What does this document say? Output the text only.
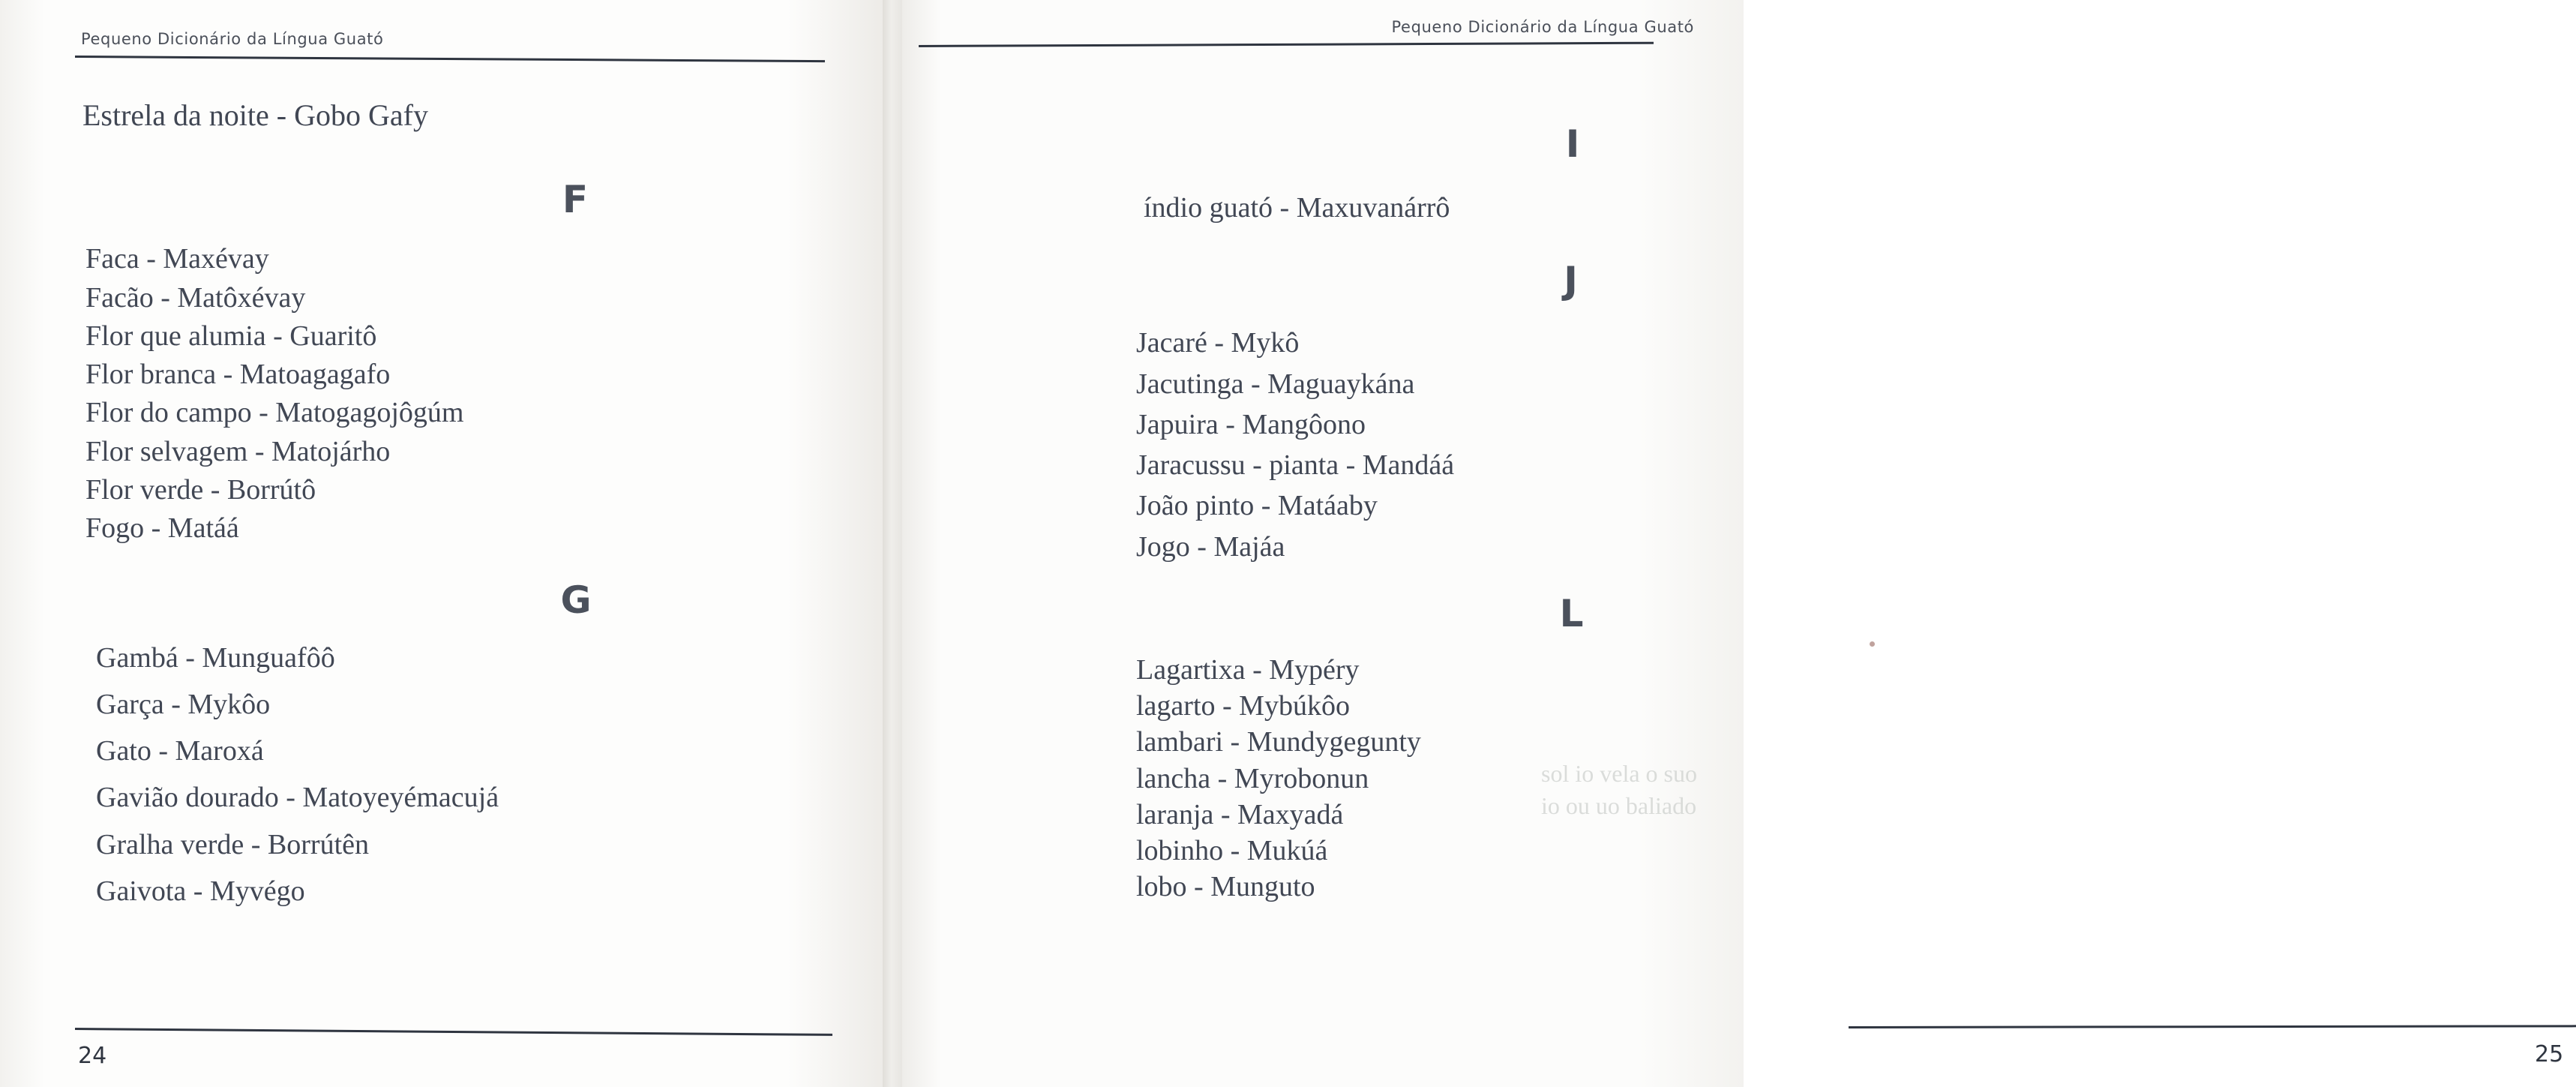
Pequeno Dicionário da Língua Guató
Estrela da noite - Gobo Gafy
F
Faca - Maxévay
Facão - Matôxévay
Flor que alumia - Guaritô
Flor branca - Matoagagafo
Flor do campo - Matogagojôgúm
Flor selvagem - Matojárho
Flor verde - Borrútô
Fogo - Matáá
G
Gambá - Munguafôô
Garça - Mykôo
Gato - Maroxá
Gavião dourado - Matoyeyémacujá
Gralha verde - Borrútên
Gaivota - Myvégo
24
Pequeno Dicionário da Língua Guató
I
índio guató - Maxuvanárrô
J
Jacaré - Mykô
Jacutinga - Maguaykána
Japuira - Mangôono
Jaracussu - pianta - Mandáá
João pinto - Matáaby
Jogo - Majáa
L
Lagartixa - Mypéry
lagarto - Mybúkôo
lambari - Mundygegunty
lancha - Myrobonun
laranja - Maxyadá
lobinho - Mukúá
lobo - Munguto
sol io vela o suo io ou uo baliado
25
